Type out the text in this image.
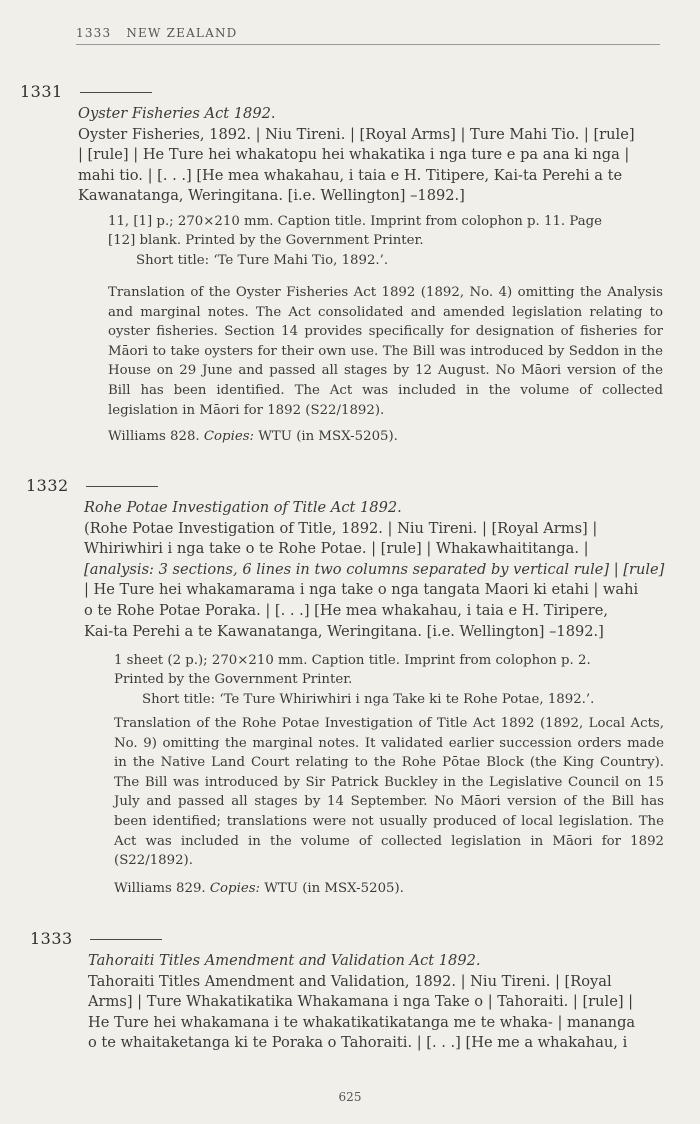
1333 NEW ZEALAND
1331
Oyster Fisheries Act 1892.
Oyster Fisheries, 1892. | Niu Tireni. | [Royal Arms] | Ture Mahi Tio. | [rule]
| [rule] | He Ture hei whakatopu hei whakatika i nga ture e pa ana ki nga |
mahi tio. | [. . .] [He mea whakahau, i taia e H. Titipere, Kai-ta Perehi a te
Kawanatanga, Weringitana. [i.e. Wellington] –1892.]
11, [1] p.; 270×210 mm. Caption title. Imprint from colophon p. 11. Page
[12] blank. Printed by the Government Printer.
Short title: ‘Te Ture Mahi Tio, 1892.’.
Translation of the Oyster Fisheries Act 1892 (1892, No. 4) omitting the Analysis and marginal notes. The Act consolidated and amended legislation relating to oyster fisheries. Section 14 provides specifically for designation of fisheries for Māori to take oysters for their own use. The Bill was introduced by Seddon in the House on 29 June and passed all stages by 12 August. No Māori version of the Bill has been identified. The Act was included in the volume of collected legislation in Māori for 1892 (S22/1892).
Williams 828. Copies: WTU (in MSX-5205).
1332
Rohe Potae Investigation of Title Act 1892.
(Rohe Potae Investigation of Title, 1892. | Niu Tireni. | [Royal Arms] |
Whiriwhiri i nga take o te Rohe Potae. | [rule] | Whakawhaititanga. |
[analysis: 3 sections, 6 lines in two columns separated by vertical rule] | [rule]
| He Ture hei whakamarama i nga take o nga tangata Maori ki etahi | wahi
o te Rohe Potae Poraka. | [. . .] [He mea whakahau, i taia e H. Tiripere,
Kai-ta Perehi a te Kawanatanga, Weringitana. [i.e. Wellington] –1892.]
1 sheet (2 p.); 270×210 mm. Caption title. Imprint from colophon p. 2.
Printed by the Government Printer.
Short title: ‘Te Ture Whiriwhiri i nga Take ki te Rohe Potae, 1892.’.
Translation of the Rohe Potae Investigation of Title Act 1892 (1892, Local Acts, No. 9) omitting the marginal notes. It validated earlier succession orders made in the Native Land Court relating to the Rohe Pōtae Block (the King Country). The Bill was introduced by Sir Patrick Buckley in the Legislative Council on 15 July and passed all stages by 14 September. No Māori version of the Bill has been identified; translations were not usually produced of local legislation. The Act was included in the volume of collected legislation in Māori for 1892 (S22/1892).
Williams 829. Copies: WTU (in MSX-5205).
1333
Tahoraiti Titles Amendment and Validation Act 1892.
Tahoraiti Titles Amendment and Validation, 1892. | Niu Tireni. | [Royal
Arms] | Ture Whakatikatika Whakamana i nga Take o | Tahoraiti. | [rule] |
He Ture hei whakamana i te whakatikatikatanga me te whaka- | mananga
o te whaitaketanga ki te Poraka o Tahoraiti. | [. . .] [He me a whakahau, i
625
